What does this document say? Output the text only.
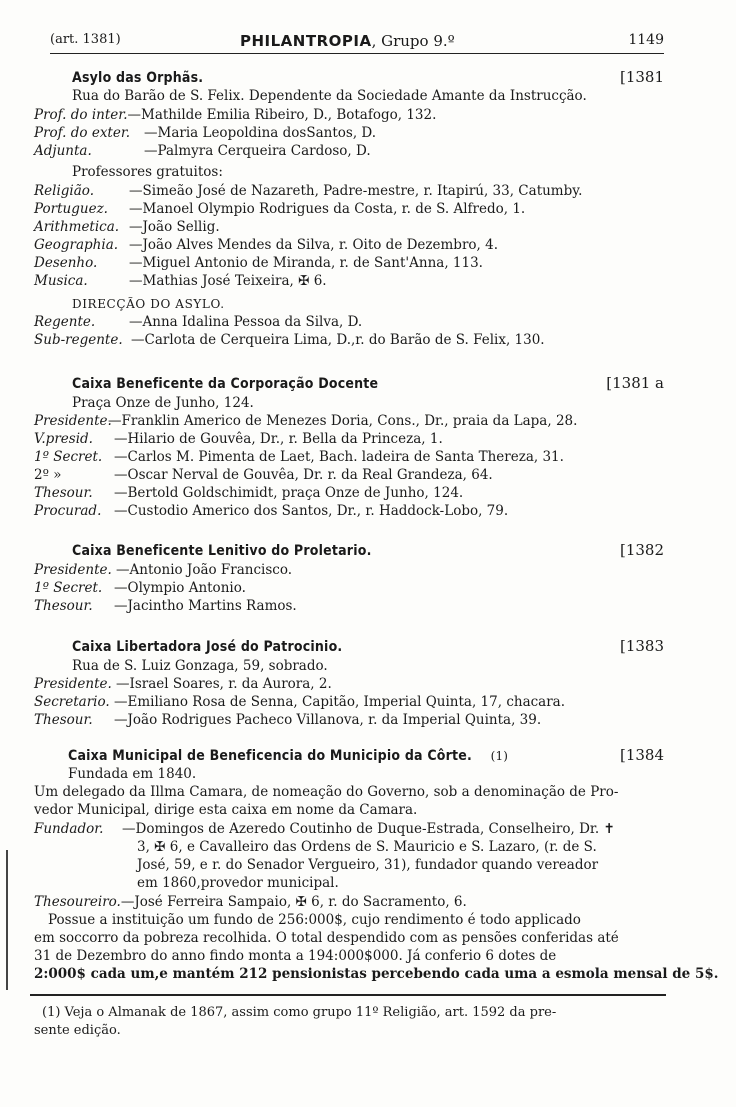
(art. 1381)	PHILANTROPIA, Grupo 9.º	1149
Asylo das Orphãs.	[1381
Rua do Barão de S. Felix. Dependente da Sociedade Amante da Instrucção.
Prof. do inter.—Mathilde Emilia Ribeiro, D., Botafogo, 132.
Prof. do exter. —Maria Leopoldina dosSantos, D.
Adjunta.	—Palmyra Cerqueira Cardoso, D.
Professores gratuitos:
Religião.	—Simeão José de Nazareth, Padre-mestre, r. Itapirú, 33, Catumby.
Portuguez. —Manoel Olympio Rodrigues da Costa, r. de S. Alfredo, 1.
Arithmetica. —João Sellig.
Geographia. —João Alves Mendes da Silva, r. Oito de Dezembro, 4.
Desenho. —Miguel Antonio de Miranda, r. de Sant'Anna, 113.
Musica.	—Mathias José Teixeira, ✠ 6.
DIRECÇÃO DO ASYLO.
Regente.	—Anna Idalina Pessoa da Silva, D.
Sub-regente. —Carlota de Cerqueira Lima, D.,r. do Barão de S. Felix, 130.
Caixa Beneficente da Corporação Docente	[1381 a
Praça Onze de Junho, 124.
Presidente.—Franklin Americo de Menezes Doria, Cons., Dr., praia da Lapa, 28.
V.presid. —Hilario de Gouvêa, Dr., r. Bella da Princeza, 1.
1º Secret. —Carlos M. Pimenta de Laet, Bach. ladeira de Santa Thereza, 31.
2º »	—Oscar Nerval de Gouvêa, Dr. r. da Real Grandeza, 64.
Thesour. —Bertold Goldschimidt, praça Onze de Junho, 124.
Procurad. —Custodio Americo dos Santos, Dr., r. Haddock-Lobo, 79.
Caixa Beneficente Lenitivo do Proletario.	[1382
Presidente. —Antonio João Francisco.
1º Secret. —Olympio Antonio.
Thesour. —Jacintho Martins Ramos.
Caixa Libertadora José do Patrocinio.	[1383
Rua de S. Luiz Gonzaga, 59, sobrado.
Presidente. —Israel Soares, r. da Aurora, 2.
Secretario. —Emiliano Rosa de Senna, Capitão, Imperial Quinta, 17, chacara.
Thesour. —João Rodrigues Pacheco Villanova, r. da Imperial Quinta, 39.
Caixa Municipal de Beneficencia do Municipio da Côrte. (1)	[1384
Fundada em 1840.
Um delegado da Illma Camara, de nomeação do Governo, sob a denominação de Pro-
vedor Municipal, dirige esta caixa em nome da Camara.
Fundador. —Domingos de Azeredo Coutinho de Duque-Estrada, Conselheiro, Dr. ✝
3, ✠ 6, e Cavalleiro das Ordens de S. Mauricio e S. Lazaro, (r. de S.
José, 59, e r. do Senador Vergueiro, 31), fundador quando vereador
em 1860,provedor municipal.
Thesoureiro.—José Ferreira Sampaio, ✠ 6, r. do Sacramento, 6.
Possue a instituição um fundo de 256:000$, cujo rendimento é todo applicado
em soccorro da pobreza recolhida. O total despendido com as pensões conferidas até
31 de Dezembro do anno findo monta a 194:000$000. Já conferio 6 dotes de
2:000$ cada um,e mantém 212 pensionistas percebendo cada uma a esmola mensal de 5$.
(1) Veja o Almanak de 1867, assim como grupo 11º Religião, art. 1592 da pre-
sente edição.
